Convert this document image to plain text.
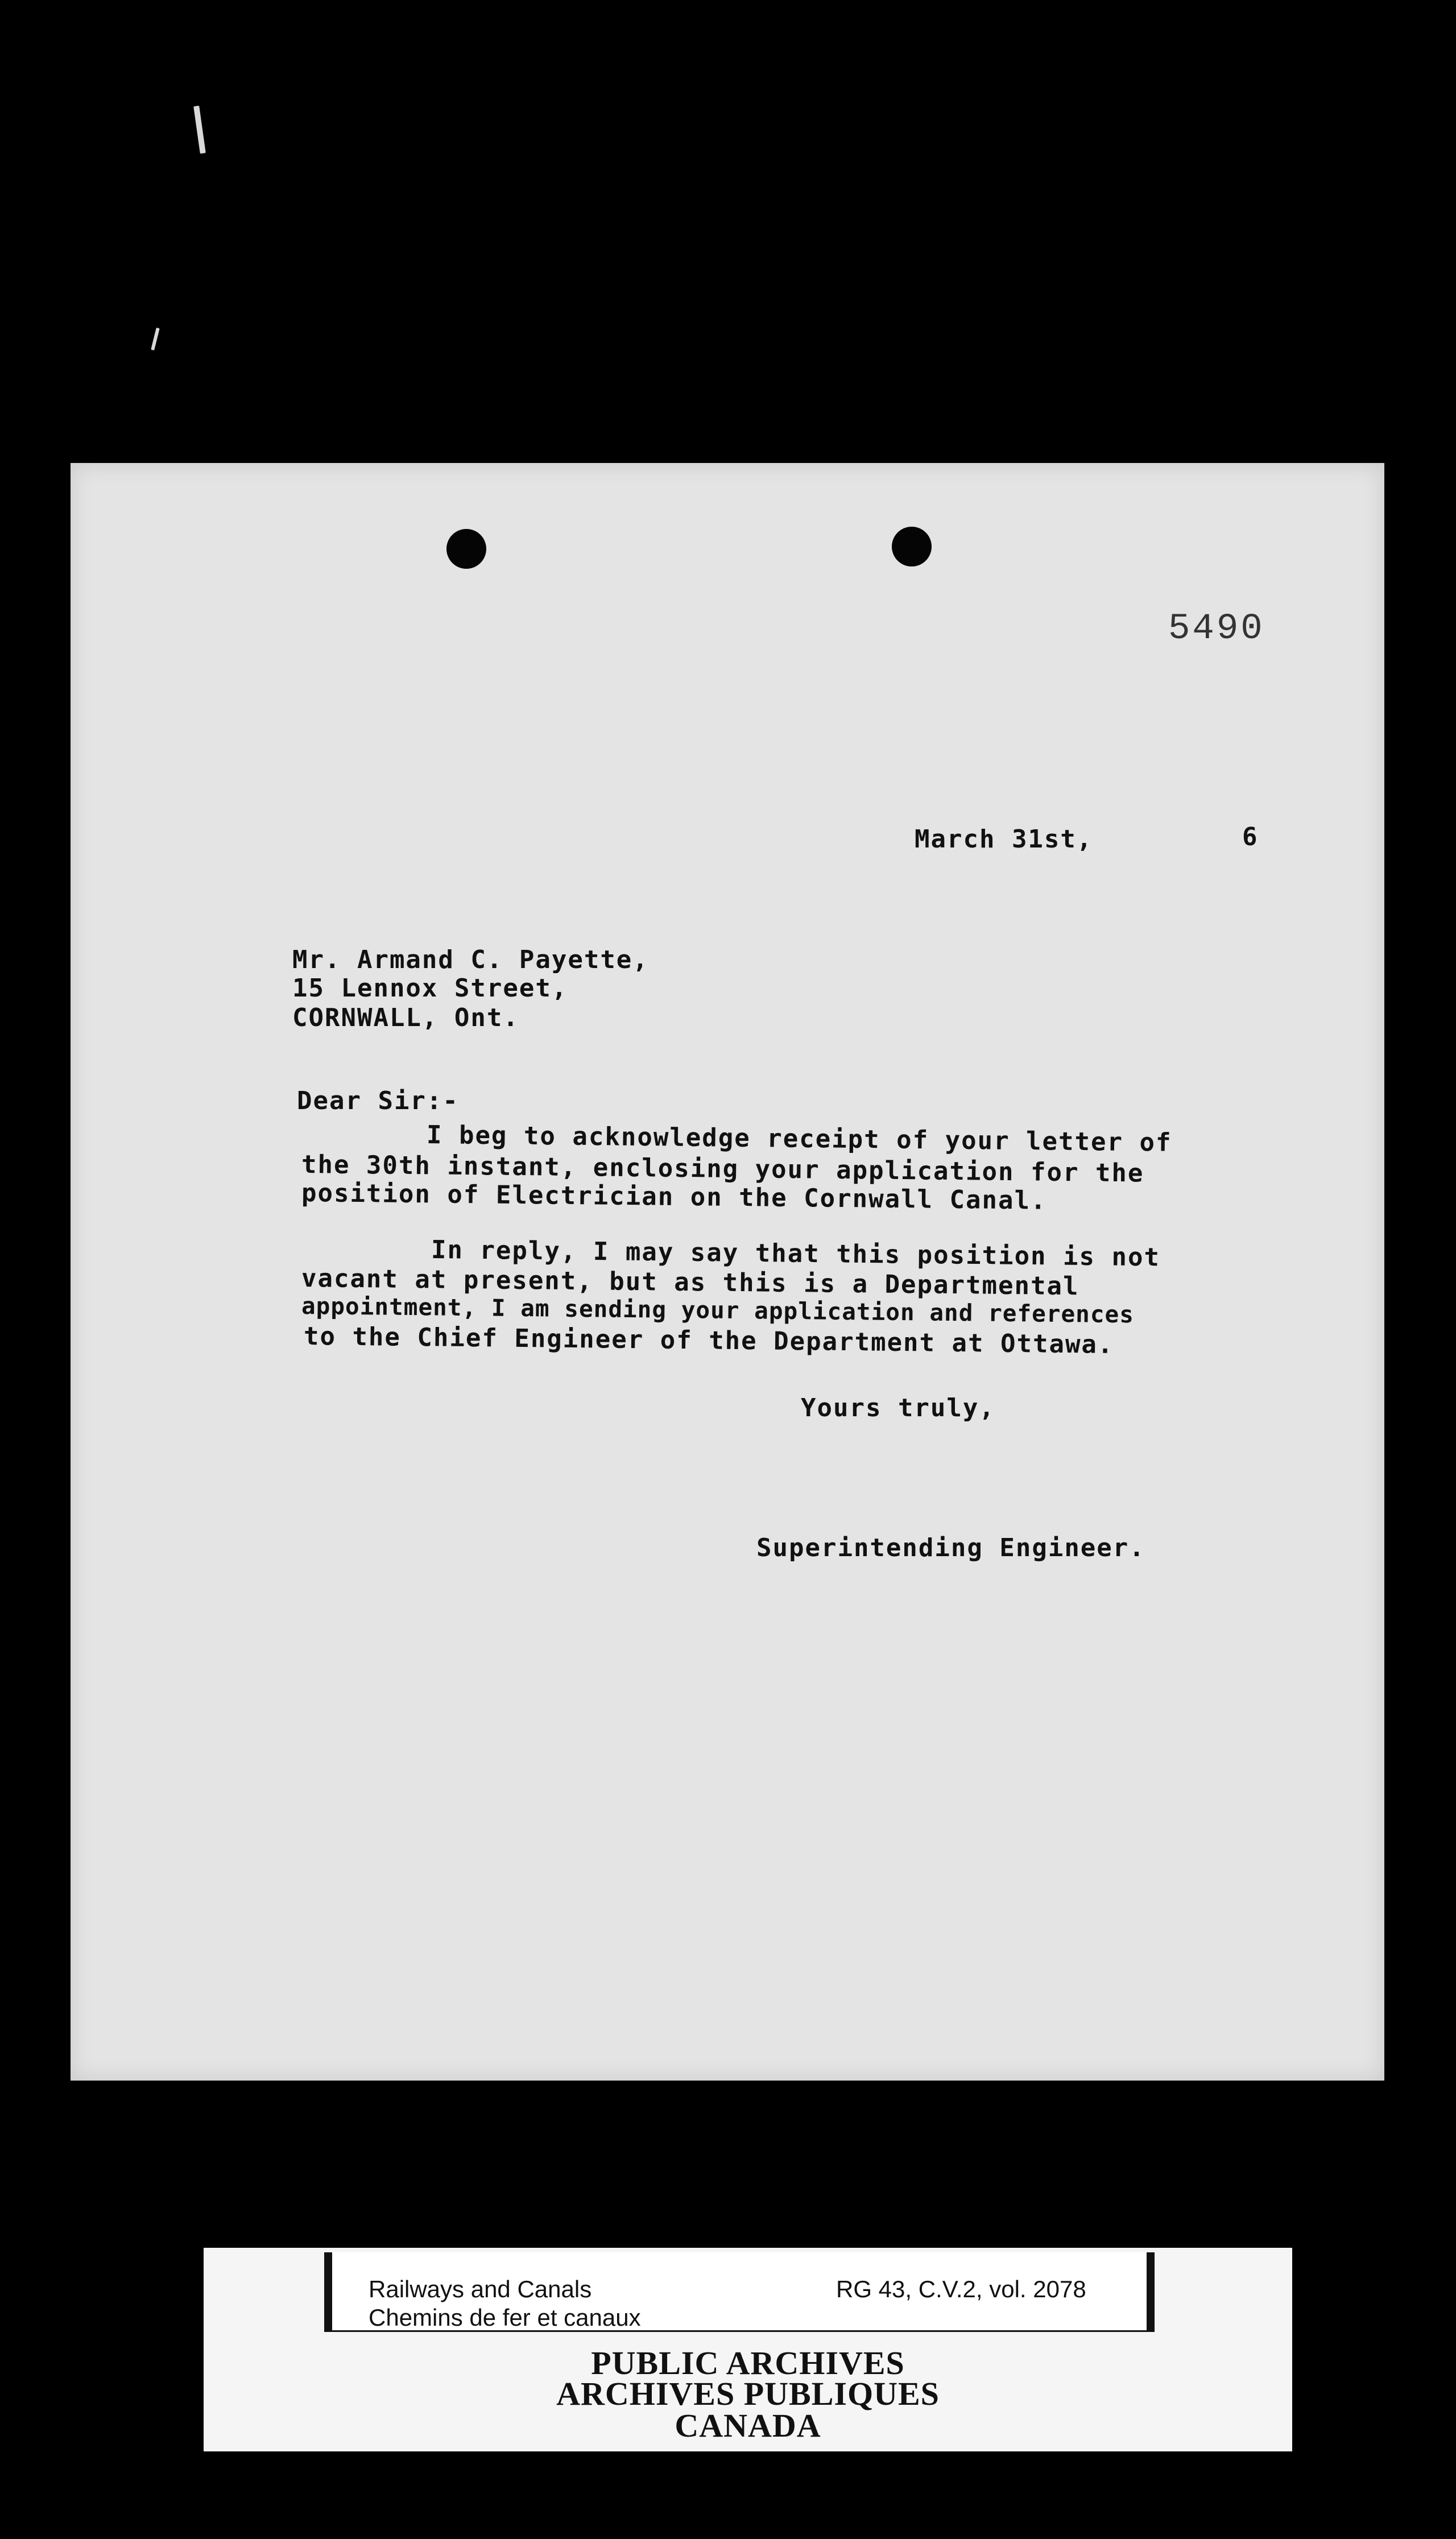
5490
March 31st,	6
Mr. Armand C. Payette,
15 Lennox Street,
CORNWALL, Ont.
Dear Sir:-
I beg to acknowledge receipt of your letter of
the 30th instant, enclosing your application for the
position of Electrician on the Cornwall Canal.
In reply, I may say that this position is not
vacant at present, but as this is a Departmental
appointment, I am sending your application and references
to the Chief Engineer of the Department at Ottawa.
Yours truly,
Superintending Engineer.
Railways and Canals
Chemins de fer et canaux
RG 43, C.V.2, vol. 2078
PUBLIC ARCHIVES
ARCHIVES PUBLIQUES
CANADA
